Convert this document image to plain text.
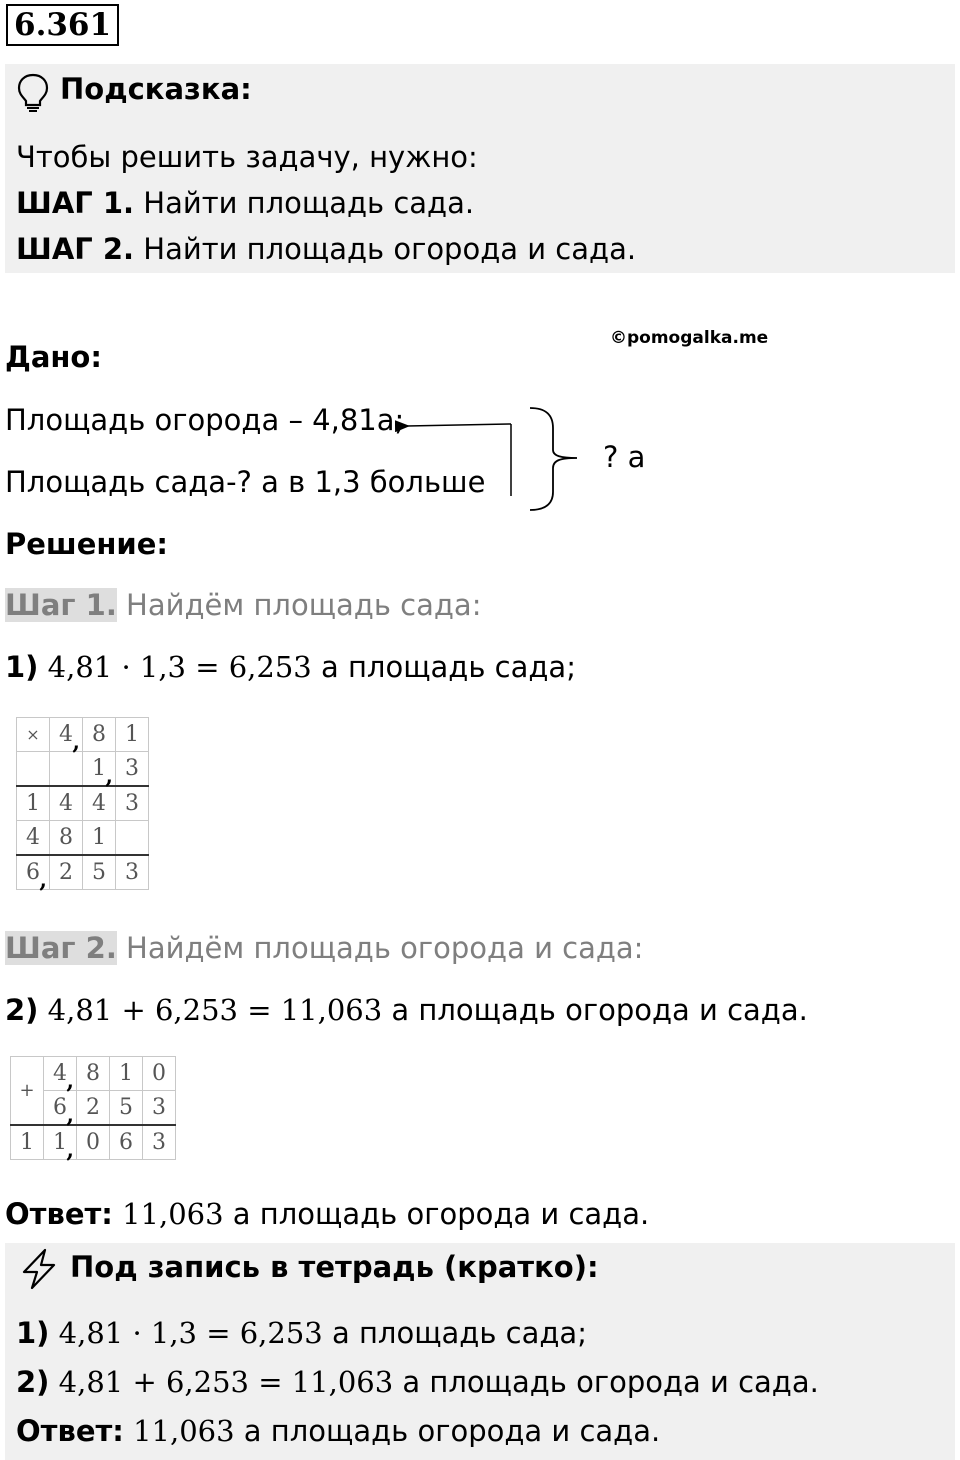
6.361
Подсказка:
Чтобы решить задачу, нужно:
ШАГ 1. Найти площадь сада.
ШАГ 2. Найти площадь огорода и сада.
©pomogalka.me
Дано:
Площадь огорода – 4,81а;
Площадь сада-? а в 1,3 больше
? а
Решение:
Шаг 1. Найдём площадь сада:
1) 4,81 · 1,3 = 6,253 а площадь сада;
×	4 ,	8	1
		1 ,	3
1	4	4	3
4	8	1	
6 ,	2	5	3
Шаг 2. Найдём площадь огорода и сада:
2) 4,81 + 6,253 = 11,063 а площадь огорода и сада.
+	4 ,	8	1	0
	6 ,	2	5	3
1	1 ,	0	6	3
Ответ: 11,063 а площадь огорода и сада.
Под запись в тетрадь (кратко):
1) 4,81 · 1,3 = 6,253 а площадь сада;
2) 4,81 + 6,253 = 11,063 а площадь огорода и сада.
Ответ: 11,063 а площадь огорода и сада.
